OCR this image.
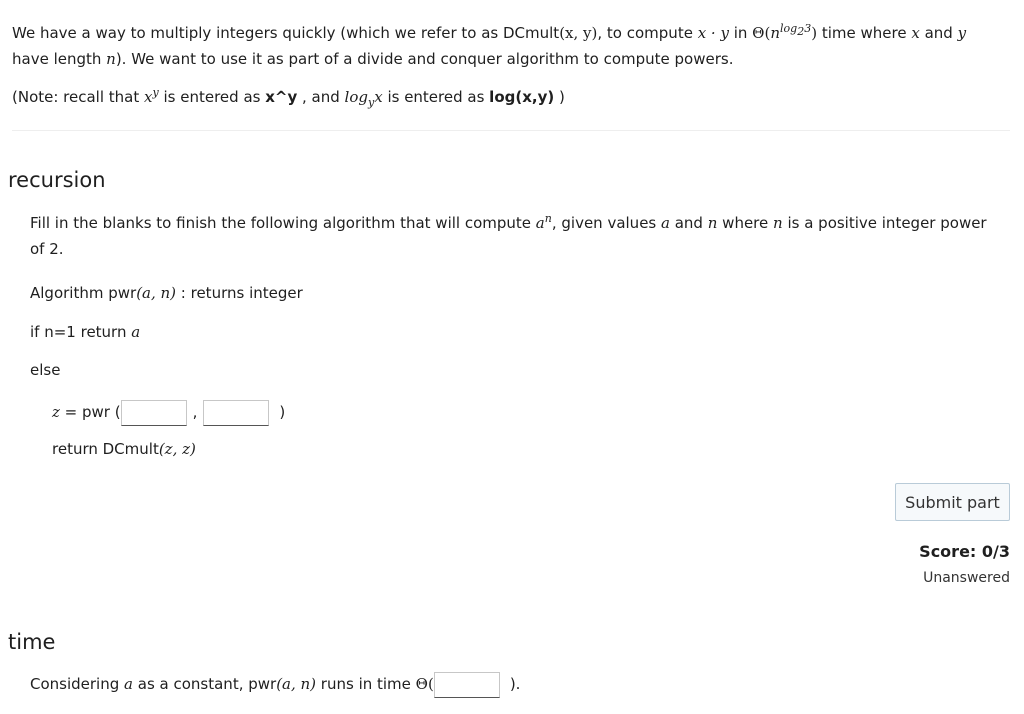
We have a way to multiply integers quickly (which we refer to as DCmult(x, y), to compute x · y in $\Theta(n^{log_23})$ time where x and y have length n). We want to use it as part of a divide and conquer algorithm to compute powers.

(Note: recall that $x^y$ is entered as x^y , and $\log_yx$ is entered as log(x,y) )
recursion
Fill in the blanks to finish the following algorithm that will compute $a^n$, given values a and n where n is a positive integer power of 2.
Algorithm pwr(a, n) : returns integer
if n=1 return a
else
z = pwr (	,	)
return DCmult(z, z)
Submit part
Score: 0/3
Unanswered
time
Considering a as a constant, pwr(a, n) runs in time Θ(	).
